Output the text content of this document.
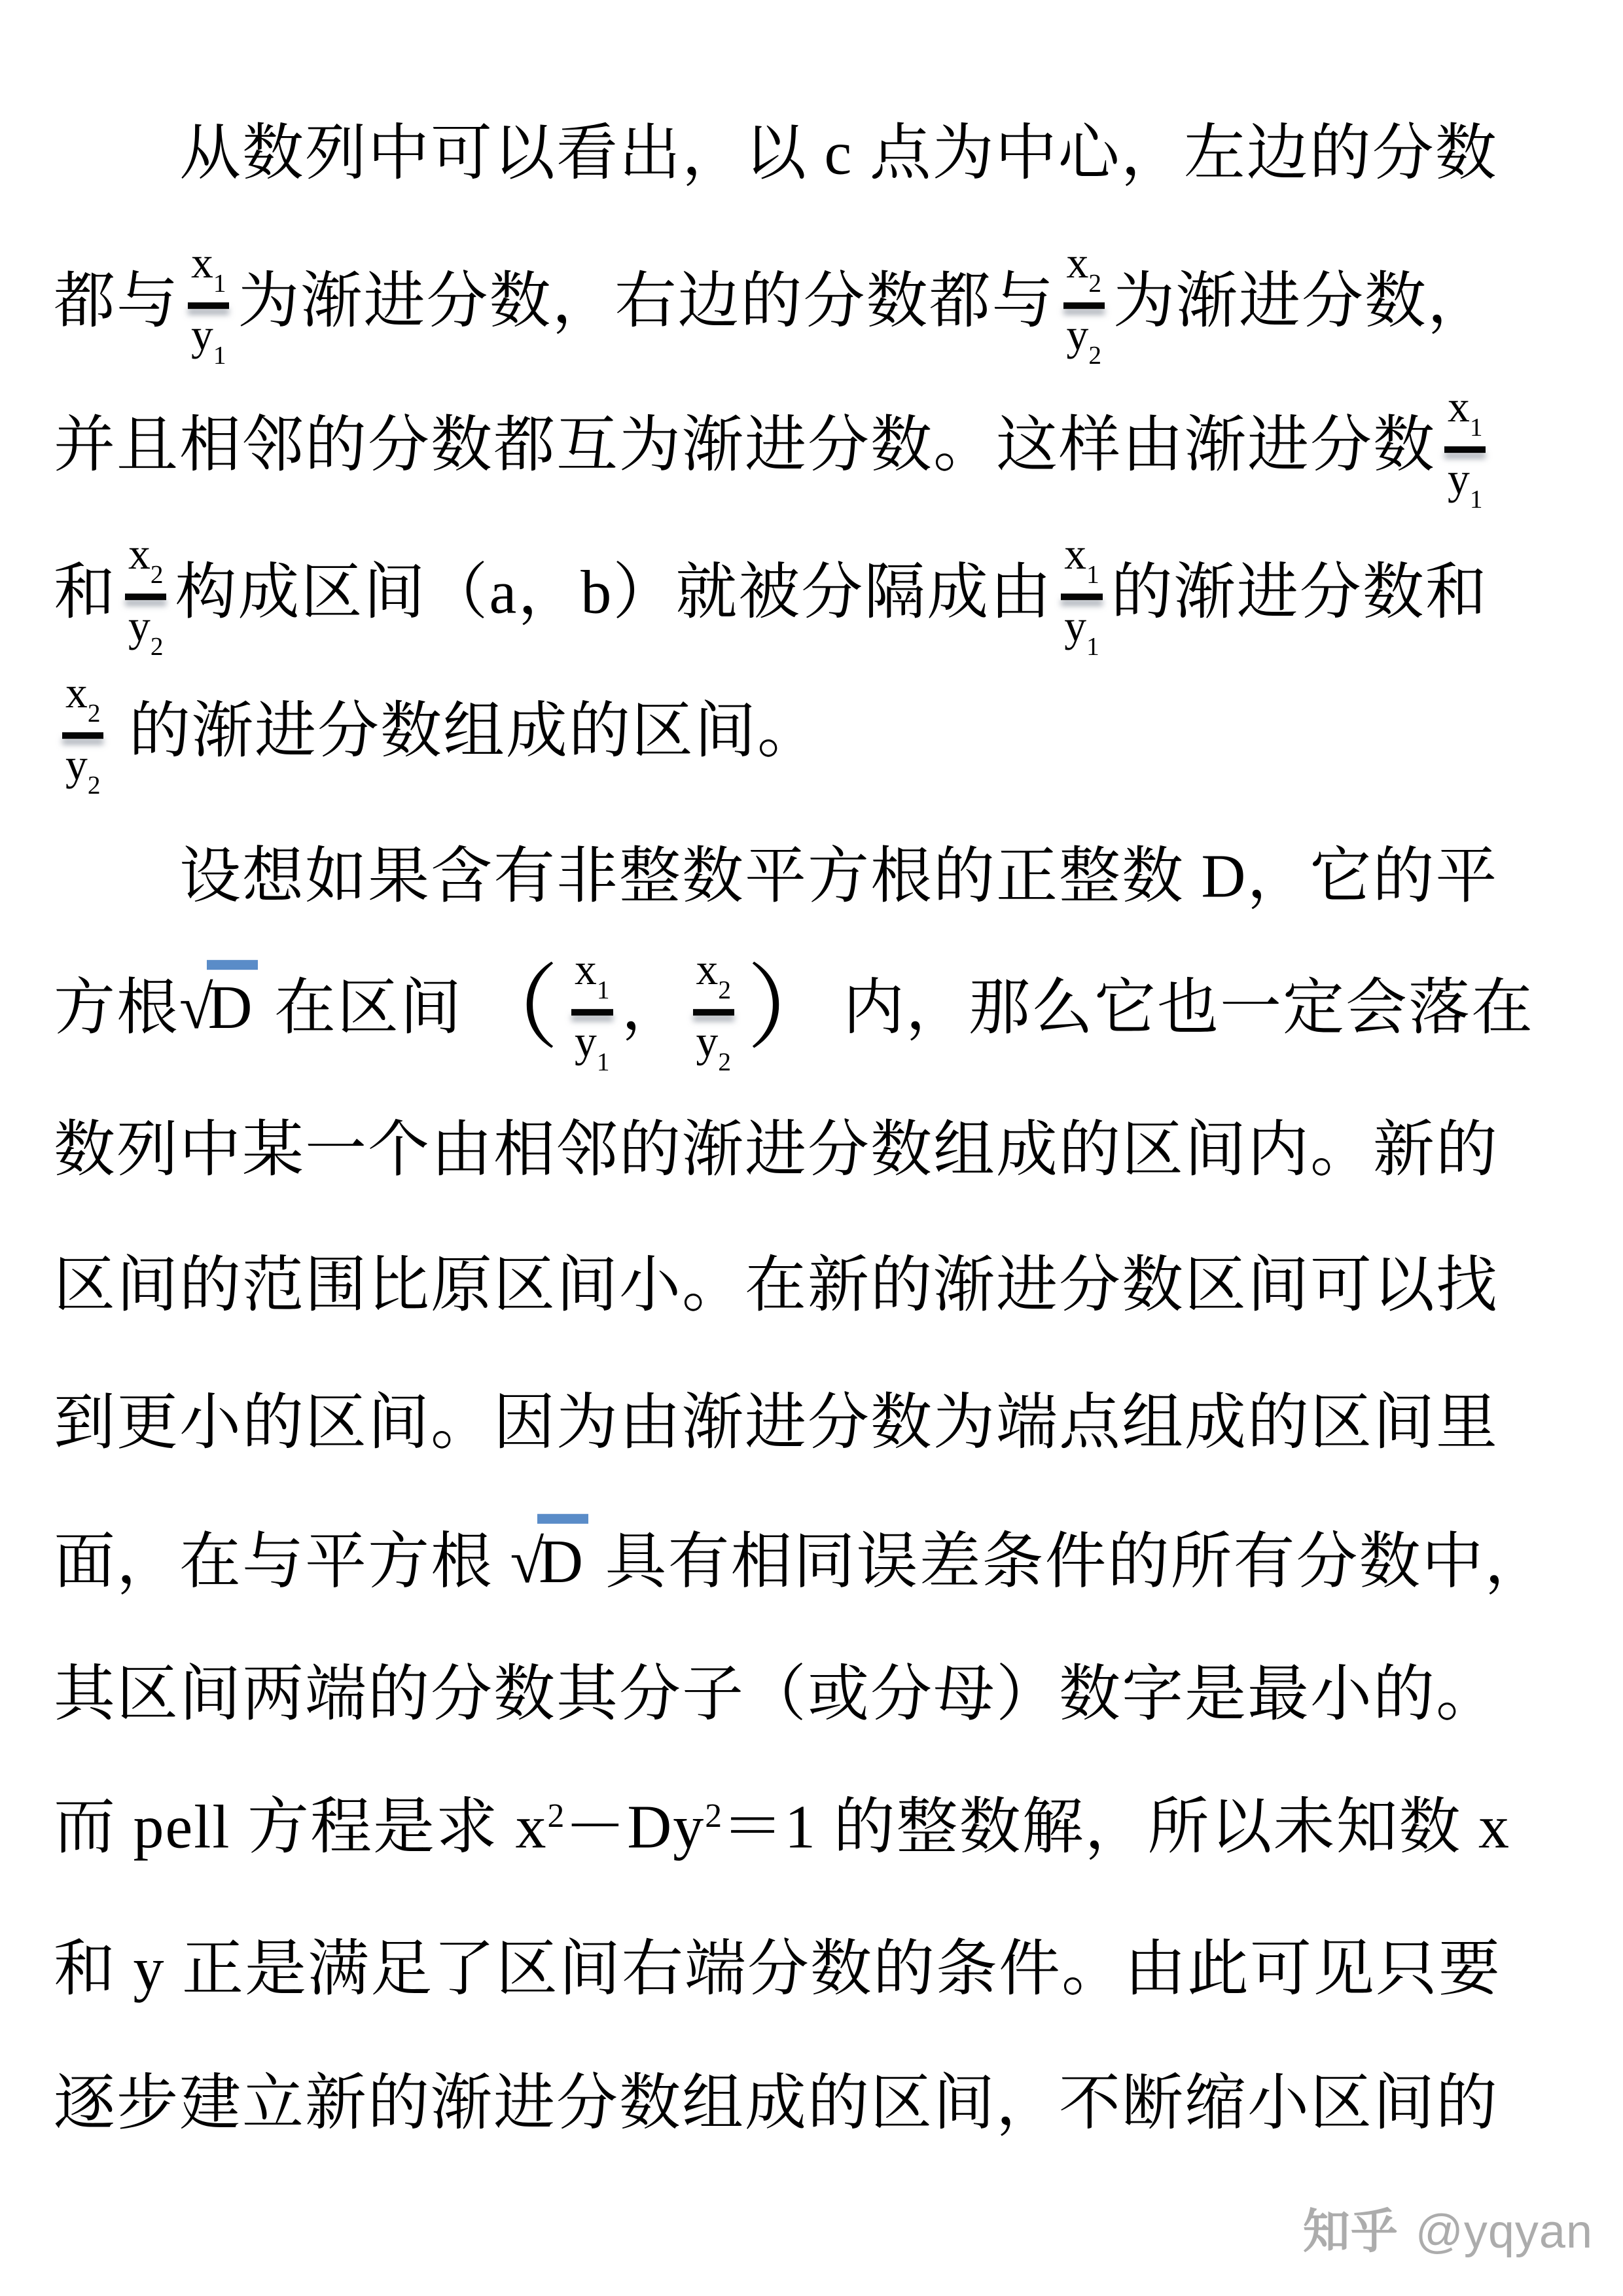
从数列中可以看出，以 c 点为中心，左边的分数
都与
$x_1$
$y_1$
为渐进分数，右边的分数都与
$x_2$
$y_2$
为渐进分数，
并且相邻的分数都互为渐进分数。这样由渐进分数
$x_1$
$y_1$
和
$x_2$
$y_2$
构成区间（a，b）就被分隔成由
$x_1$
$y_1$
的渐进分数和
$x_2$
$y_2$
的渐进分数组成的区间。
设想如果含有非整数平方根的正整数 D，它的平
方根√D 在区间（ $x_1$
$y_1$
，
$x_2$
$y_2$
）内，那么它也一定会落在
数列中某一个由相邻的渐进分数组成的区间内。新的
区间的范围比原区间小。在新的渐进分数区间可以找
到更小的区间。因为由渐进分数为端点组成的区间里
面，在与平方根 √D 具有相同误差条件的所有分数中，
其区间两端的分数其分子（或分母）数字是最小的。
而 pell 方程是求 $x^2-Dy^2=1$ 的整数解，所以未知数 x
和 y 正是满足了区间右端分数的条件。由此可见只要
逐步建立新的渐进分数组成的区间，不断缩小区间的
知乎 @yqyan
